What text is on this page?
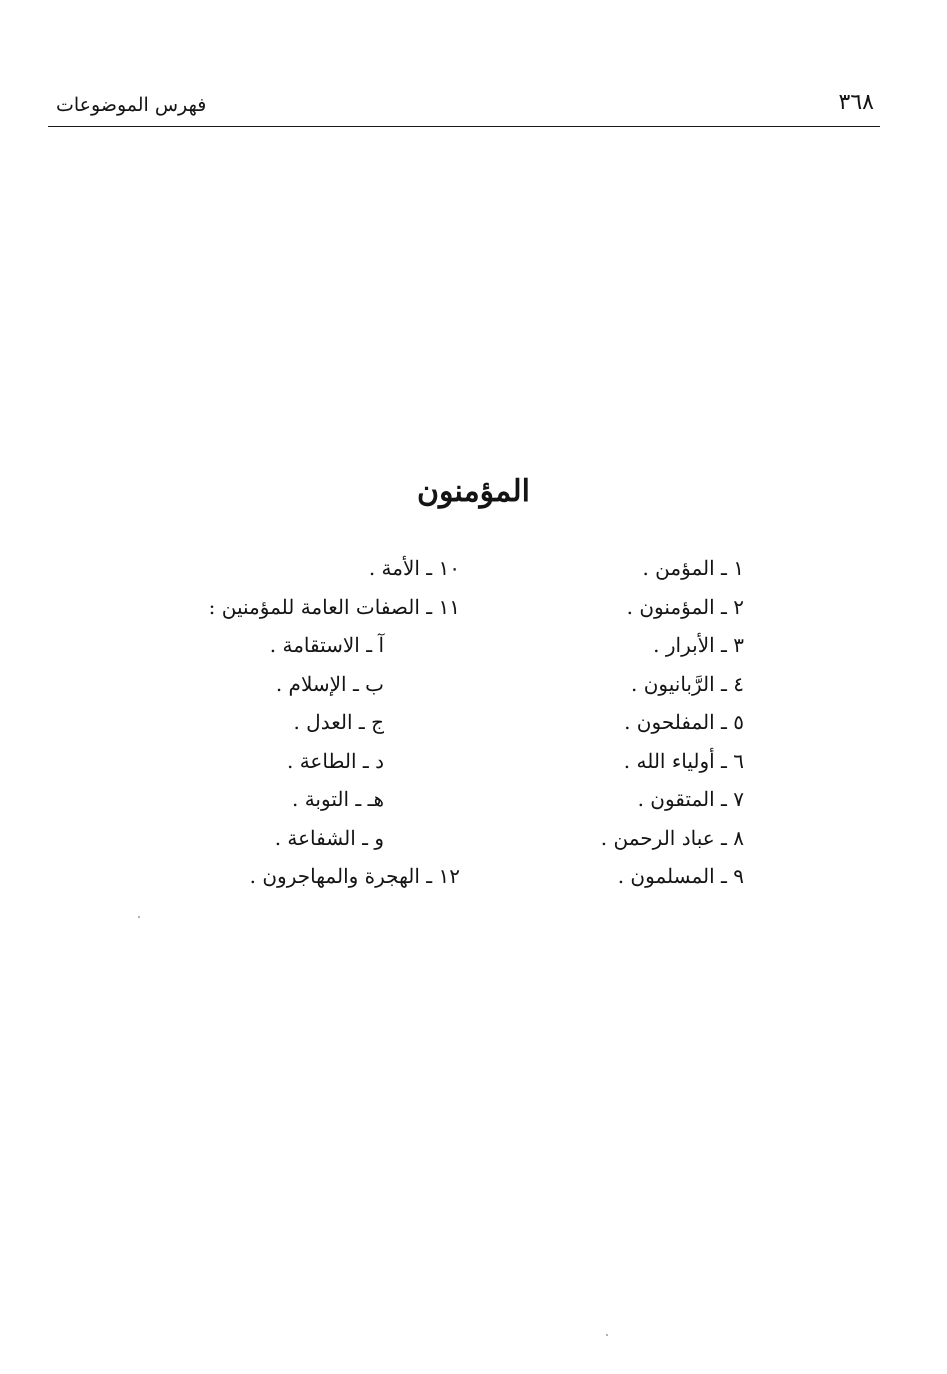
٣٦٨
فهرس الموضوعات
المؤمنون
١ ـ المؤمن .
٢ ـ المؤمنون .
٣ ـ الأبرار .
٤ ـ الرَّبانيون .
٥ ـ المفلحون .
٦ ـ أولياء الله .
٧ ـ المتقون .
٨ ـ عباد الرحمن .
٩ ـ المسلمون .
١٠ ـ الأمة .
١١ ـ الصفات العامة للمؤمنين :
آ ـ الاستقامة .
ب ـ الإسلام .
ج ـ العدل .
د ـ الطاعة .
هـ ـ التوبة .
و ـ الشفاعة .
١٢ ـ الهجرة والمهاجرون .
